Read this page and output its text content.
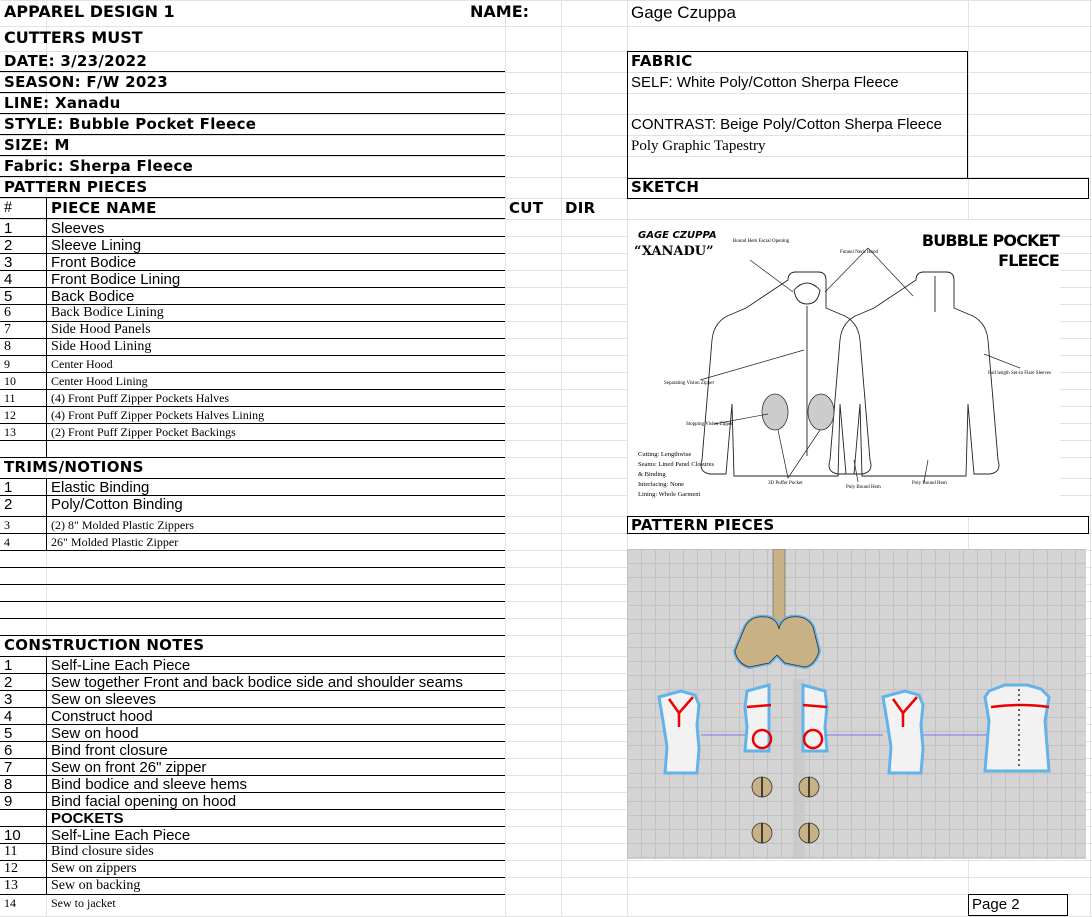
APPAREL DESIGN 1	NAME:	Gage Czuppa
CUTTERS MUST
DATE: 3/23/2022
SEASON: F/W 2023
LINE: Xanadu
STYLE: Bubble Pocket Fleece
SIZE: M
Fabric: Sherpa Fleece
FABRIC
SELF: White Poly/Cotton Sherpa Fleece
CONTRAST: Beige Poly/Cotton Sherpa Fleece
Poly Graphic Tapestry
PATTERN PIECES
#	PIECE NAME	CUT DIR
1	Sleeves
2	Sleeve Lining
3	Front Bodice
4	Front Bodice Lining
5	Back Bodice
6	Back Bodice Lining
7	Side Hood Panels
8	Side Hood Lining
9	Center Hood
10	Center Hood Lining
11	(4) Front Puff Zipper Pockets Halves
12	(4) Front Puff Zipper Pockets Halves Lining
13	(2) Front Puff Zipper Pocket Backings
TRIMS/NOTIONS
1	Elastic Binding
2	Poly/Cotton Binding
3	(2) 8" Molded Plastic Zippers
4	26" Molded Plastic Zipper
CONSTRUCTION NOTES
1	Self-Line Each Piece
2	Sew together Front and back bodice side and shoulder seams
3	Sew on sleeves
4	Construct hood
5	Sew on hood
6	Bind front closure
7	Sew on front 26" zipper
8	Bind bodice and sleeve hems
9	Bind facial opening on hood
POCKETS
10 Self-Line Each Piece
11 Bind closure sides
12 Sew on zippers
13 Sew on backing
14	Sew to jacket
SKETCH
GAGE CZUPPA
“XANADU”
BUBBLE POCKET
FLEECE
Bound Hem Facial Opening
Funnel Neck Hood
Separating Vislon Zipper
Stopping Vislon Zipper
Full length Set-in Flare Sleeves
3D Puffer Pocket
Poly Bound Hem
Poly Bound Hem
Cutting: Lengthwise
Seams: Lined Panel Closures
& Binding
Interfacing: None
Lining: Whole Garment
PATTERN PIECES
Page 2
